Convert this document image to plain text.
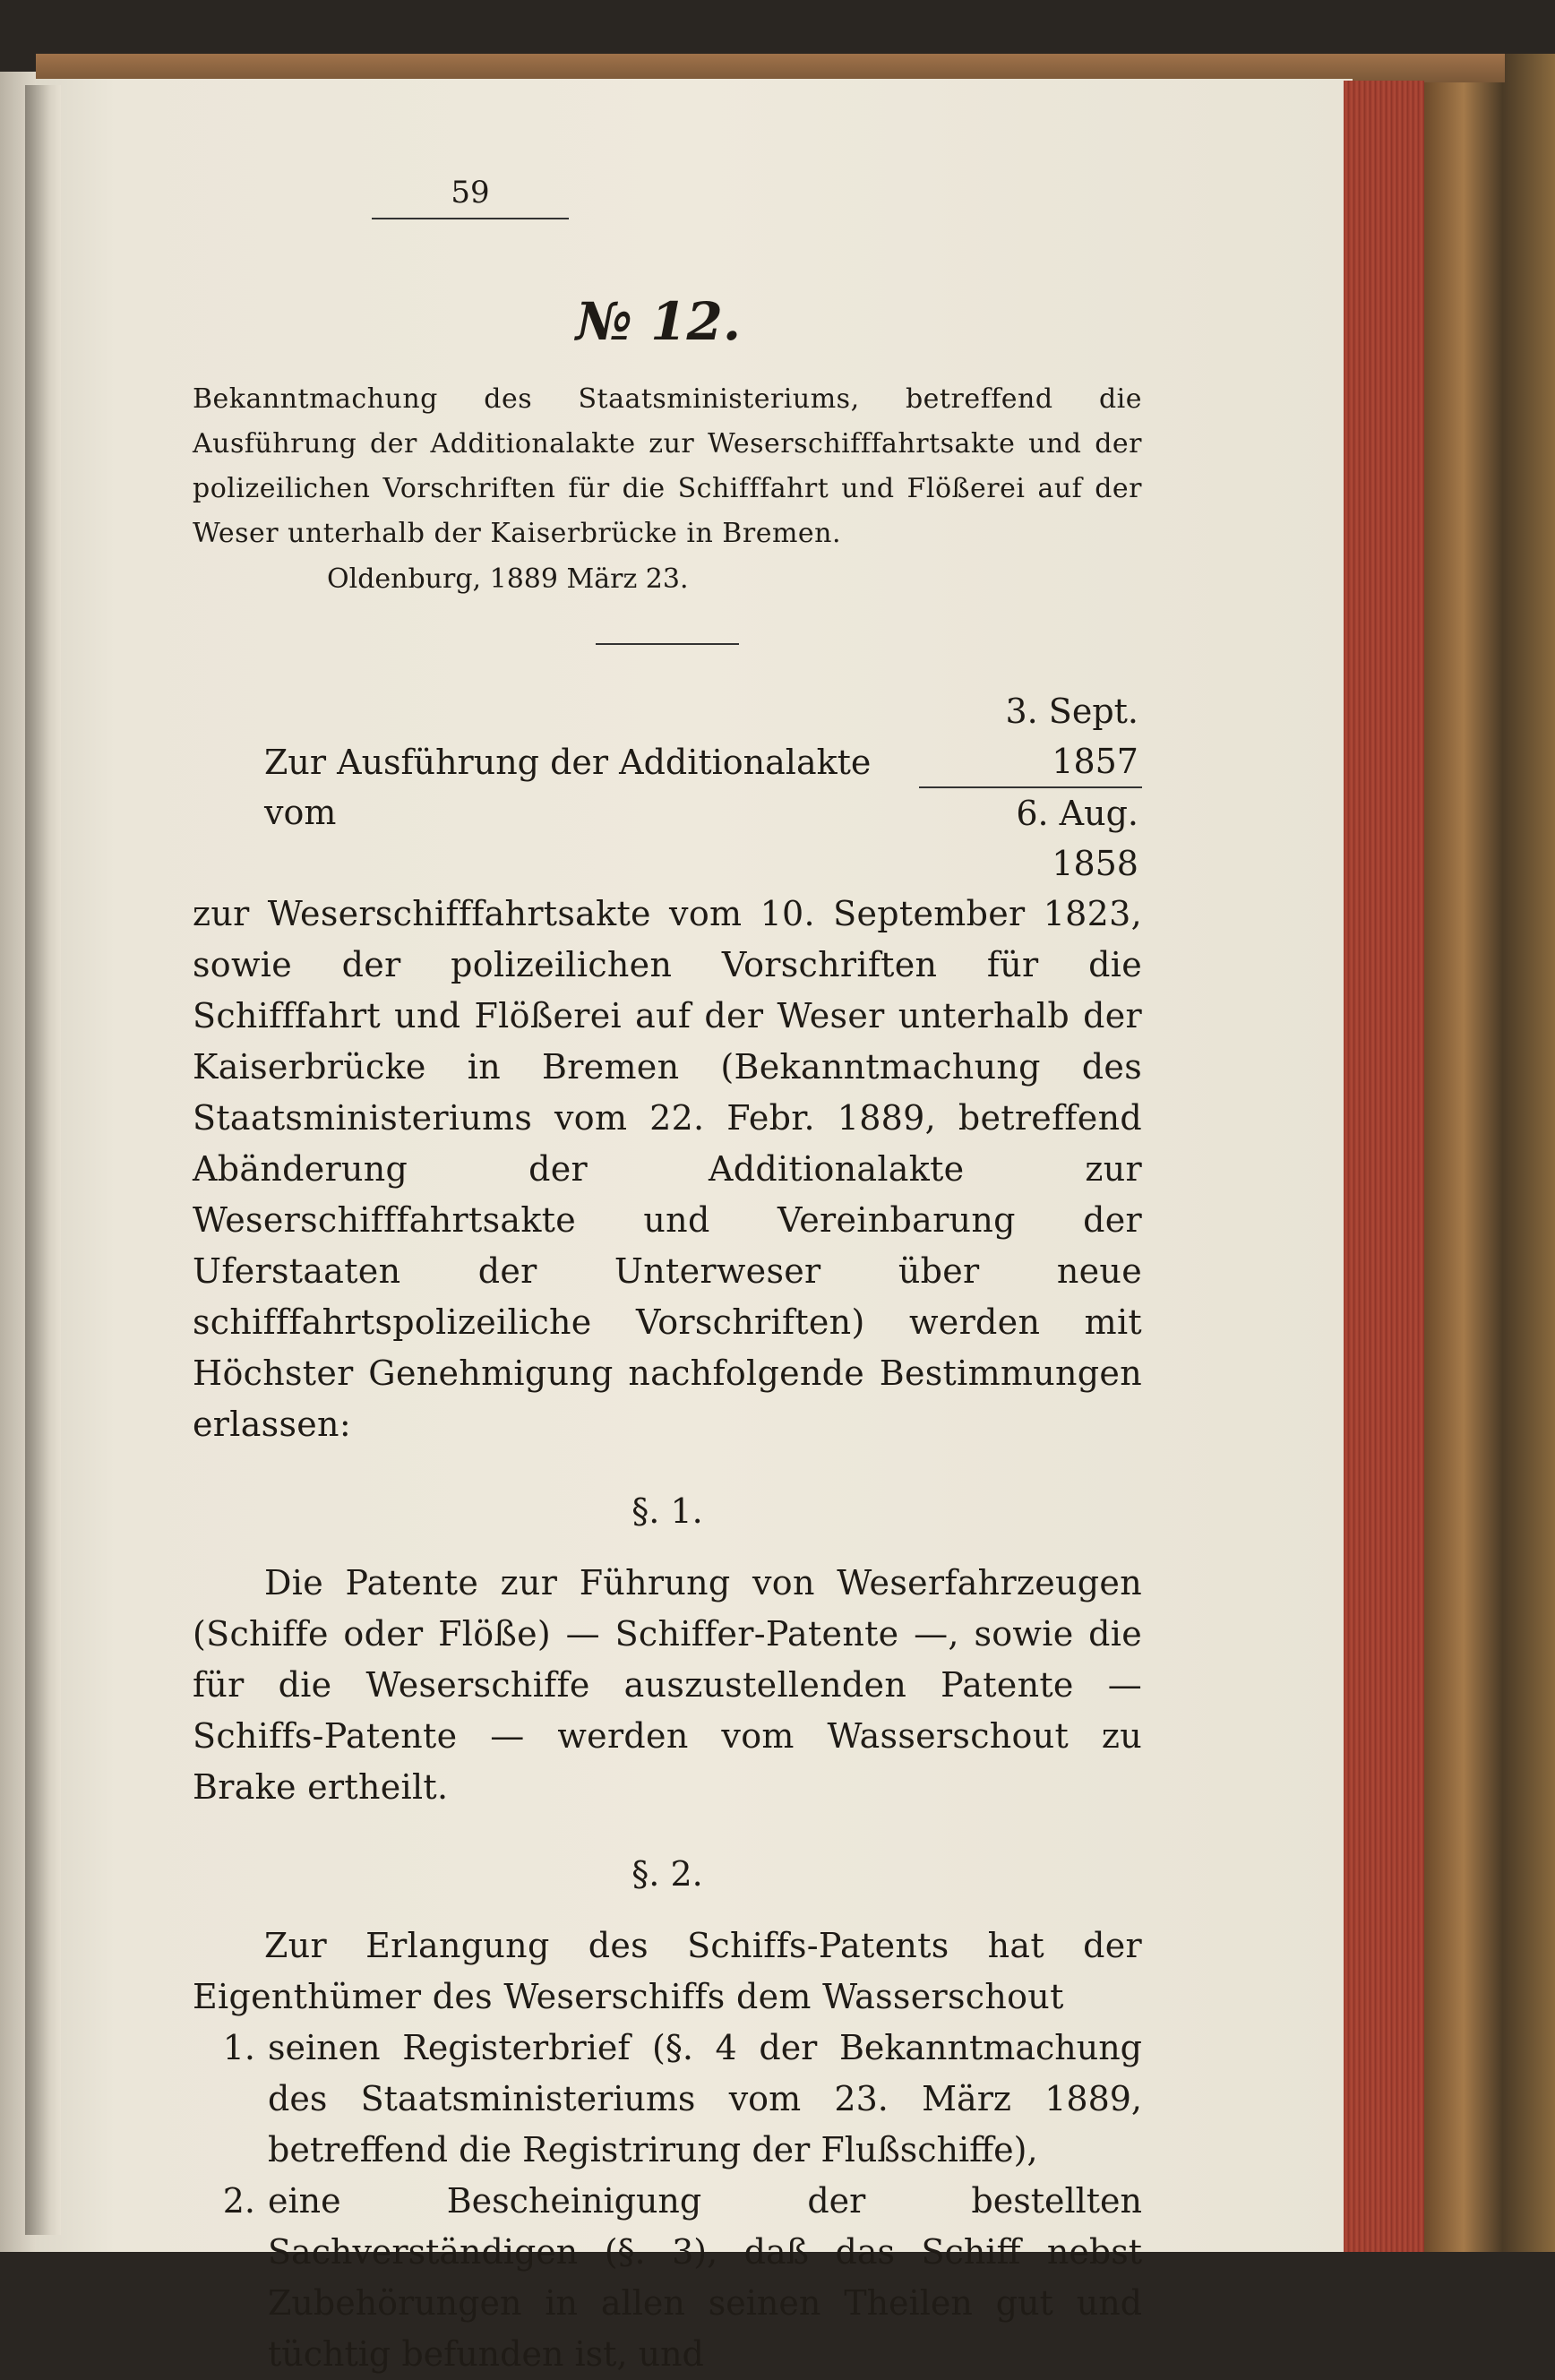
59
№ 12.
Bekanntmachung des Staatsministeriums, betreffend die Ausführung der Additionalakte zur Weserschifffahrtsakte und der polizeilichen Vorschriften für die Schifffahrt und Flößerei auf der Weser unterhalb der Kaiserbrücke in Bremen.
Oldenburg, 1889 März 23.
Zur Ausführung der Additionalakte vom	$\frac{\text{3. Sept. 1857}}{\text{6. Aug. 1858}}$
zur Weserschifffahrtsakte vom 10. September 1823, sowie der polizeilichen Vorschriften für die Schifffahrt und Flößerei auf der Weser unterhalb der Kaiserbrücke in Bremen (Bekanntmachung des Staatsministeriums vom 22. Febr. 1889, betreffend Abänderung der Additionalakte zur Weserschifffahrtsakte und Vereinbarung der Uferstaaten der Unterweser über neue schifffahrtspolizeiliche Vorschriften) werden mit Höchster Genehmigung nachfolgende Bestimmungen erlassen:
§. 1.
Die Patente zur Führung von Weserfahrzeugen (Schiffe oder Flöße) — Schiffer-Patente —, sowie die für die Weserschiffe auszustellenden Patente — Schiffs-Patente — werden vom Wasserschout zu Brake ertheilt.
§. 2.
Zur Erlangung des Schiffs-Patents hat der Eigenthümer des Weserschiffs dem Wasserschout
1. seinen Registerbrief (§. 4 der Bekanntmachung des Staatsministeriums vom 23. März 1889, betreffend die Registrirung der Flußschiffe),
2. eine Bescheinigung der bestellten Sachverständigen (§. 3), daß das Schiff nebst Zubehörungen in allen seinen Theilen gut und tüchtig befunden ist, und
